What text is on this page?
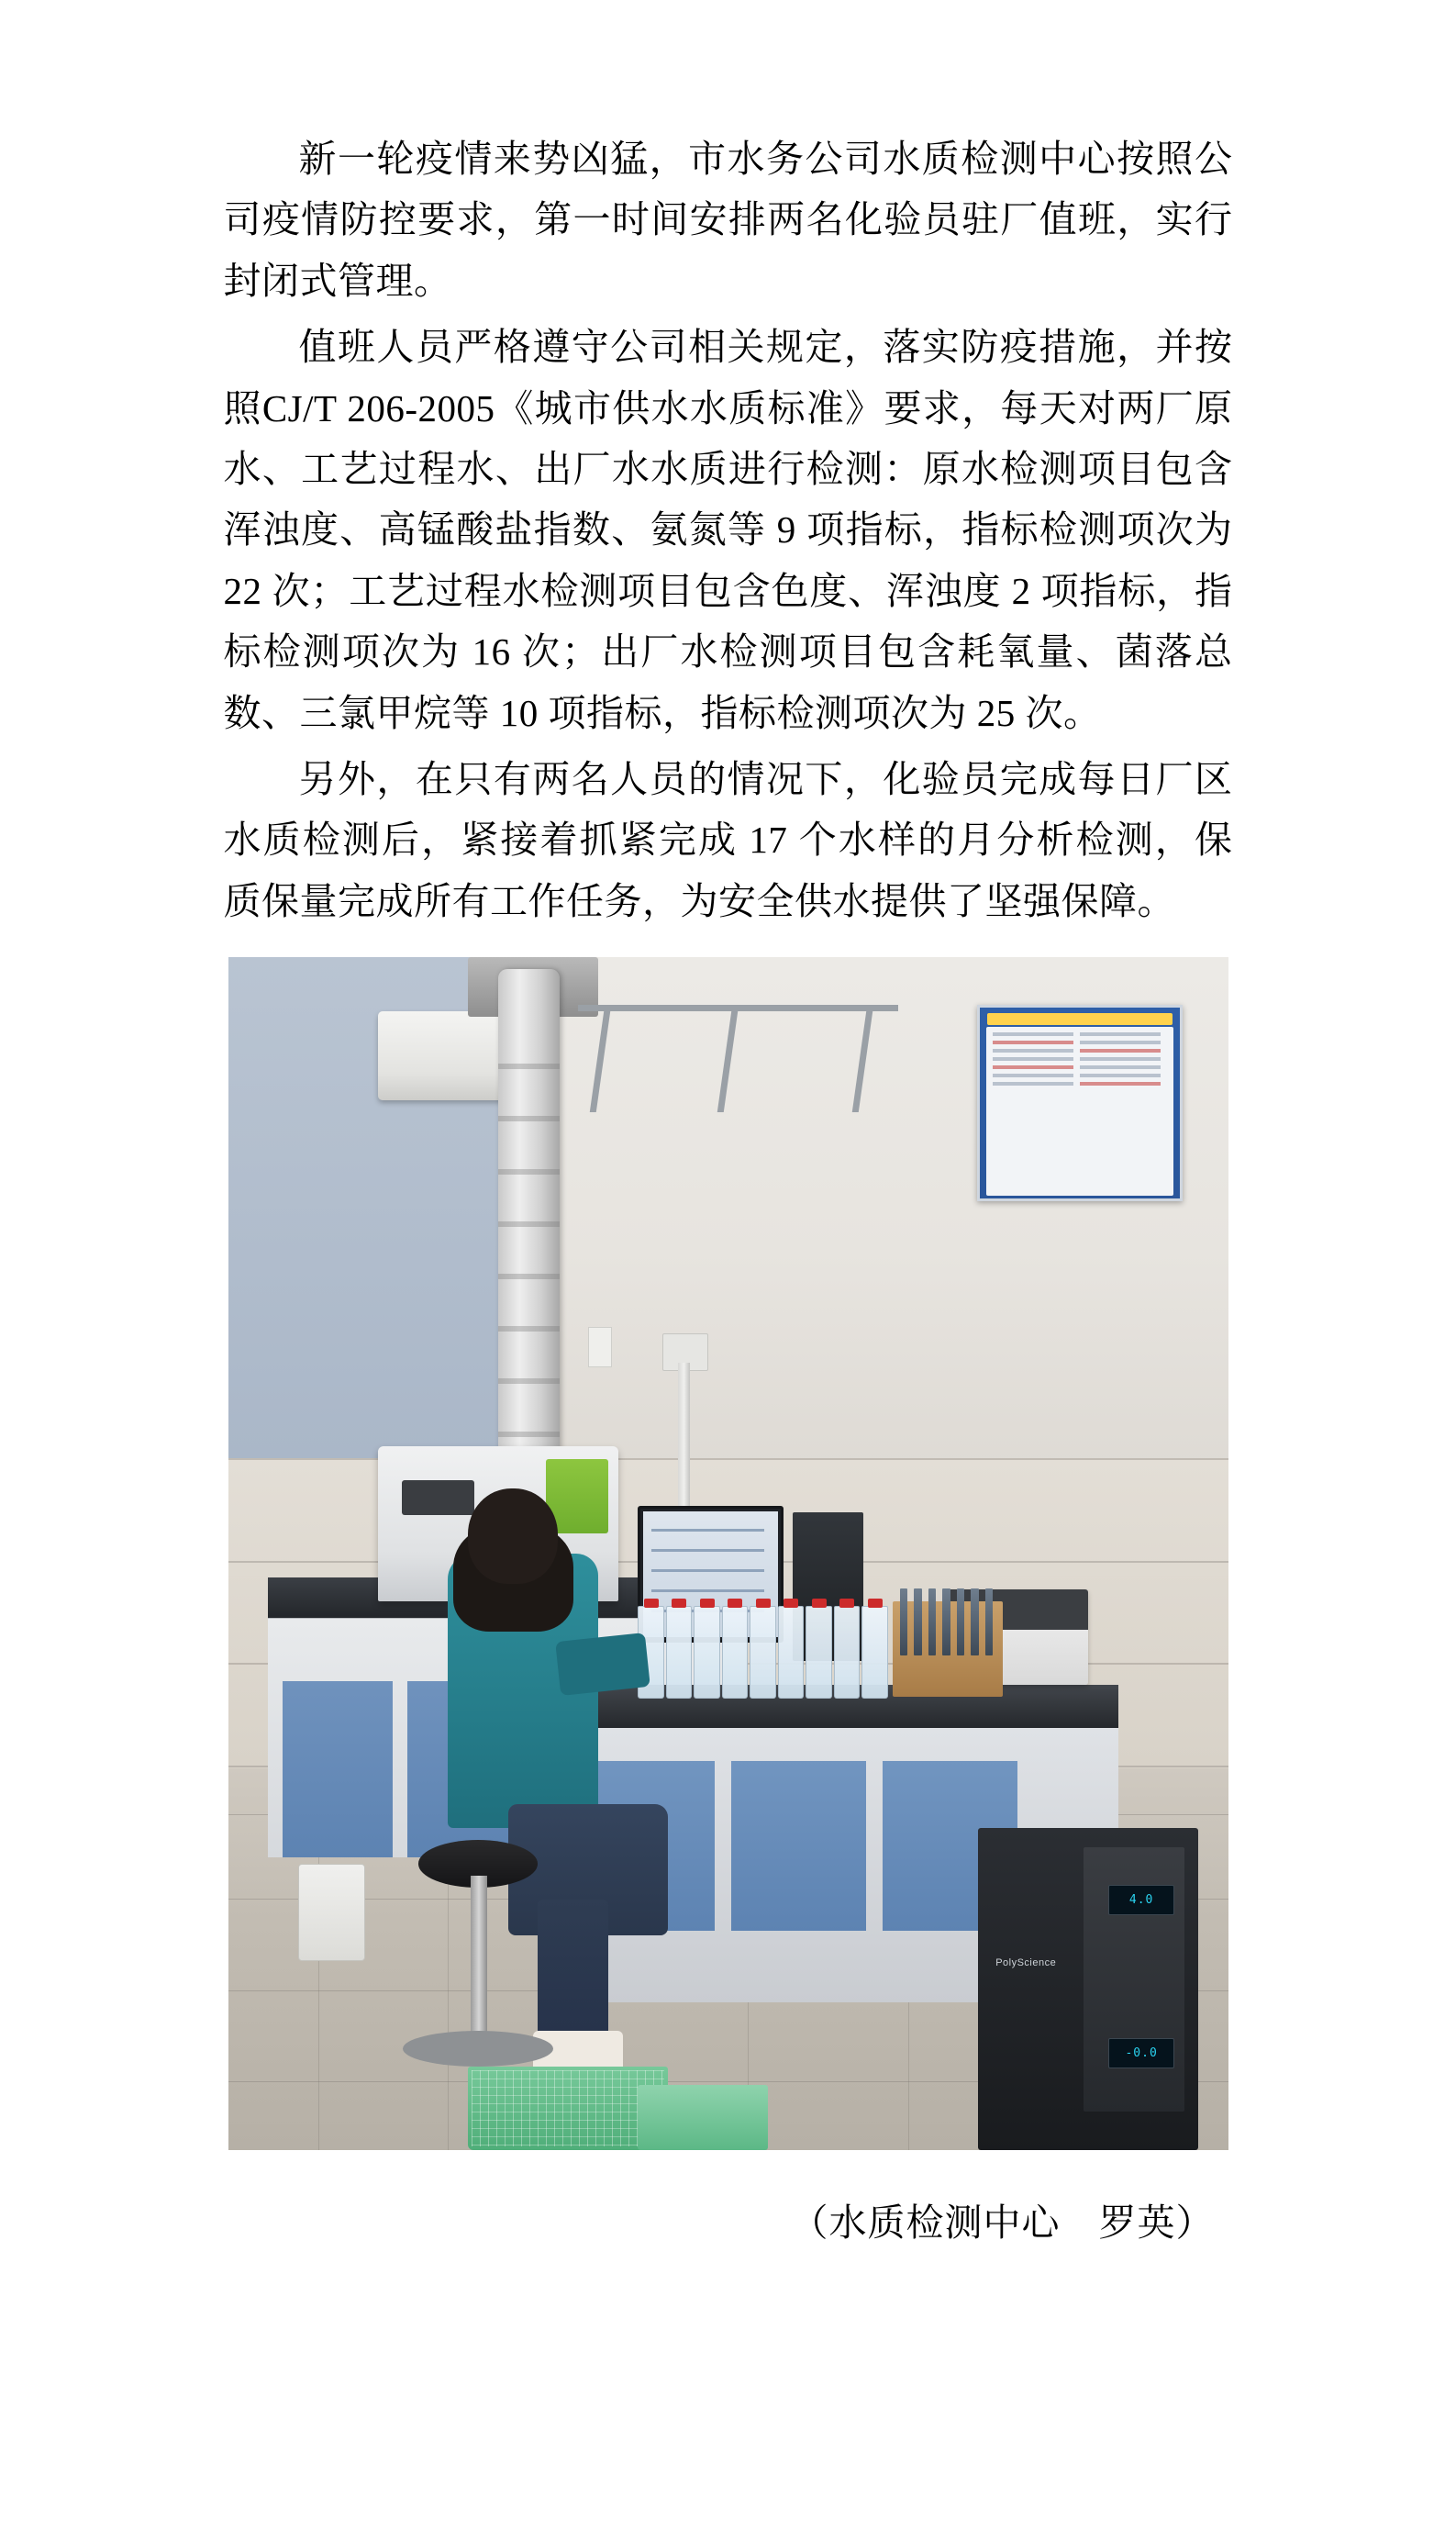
新一轮疫情来势凶猛，市水务公司水质检测中心按照公司疫情防控要求，第一时间安排两名化验员驻厂值班，实行封闭式管理。

值班人员严格遵守公司相关规定，落实防疫措施，并按照CJ/T 206-2005《城市供水水质标准》要求，每天对两厂原水、工艺过程水、出厂水水质进行检测：原水检测项目包含浑浊度、高锰酸盐指数、氨氮等 9 项指标，指标检测项次为 22 次；工艺过程水检测项目包含色度、浑浊度 2 项指标，指标检测项次为 16 次；出厂水检测项目包含耗氧量、菌落总数、三氯甲烷等 10 项指标，指标检测项次为 25 次。

另外，在只有两名人员的情况下，化验员完成每日厂区水质检测后，紧接着抓紧完成 17 个水样的月分析检测，保质保量完成所有工作任务，为安全供水提供了坚强保障。

4.0
-0.0
PolyScience
（水质检测中心　罗英）
